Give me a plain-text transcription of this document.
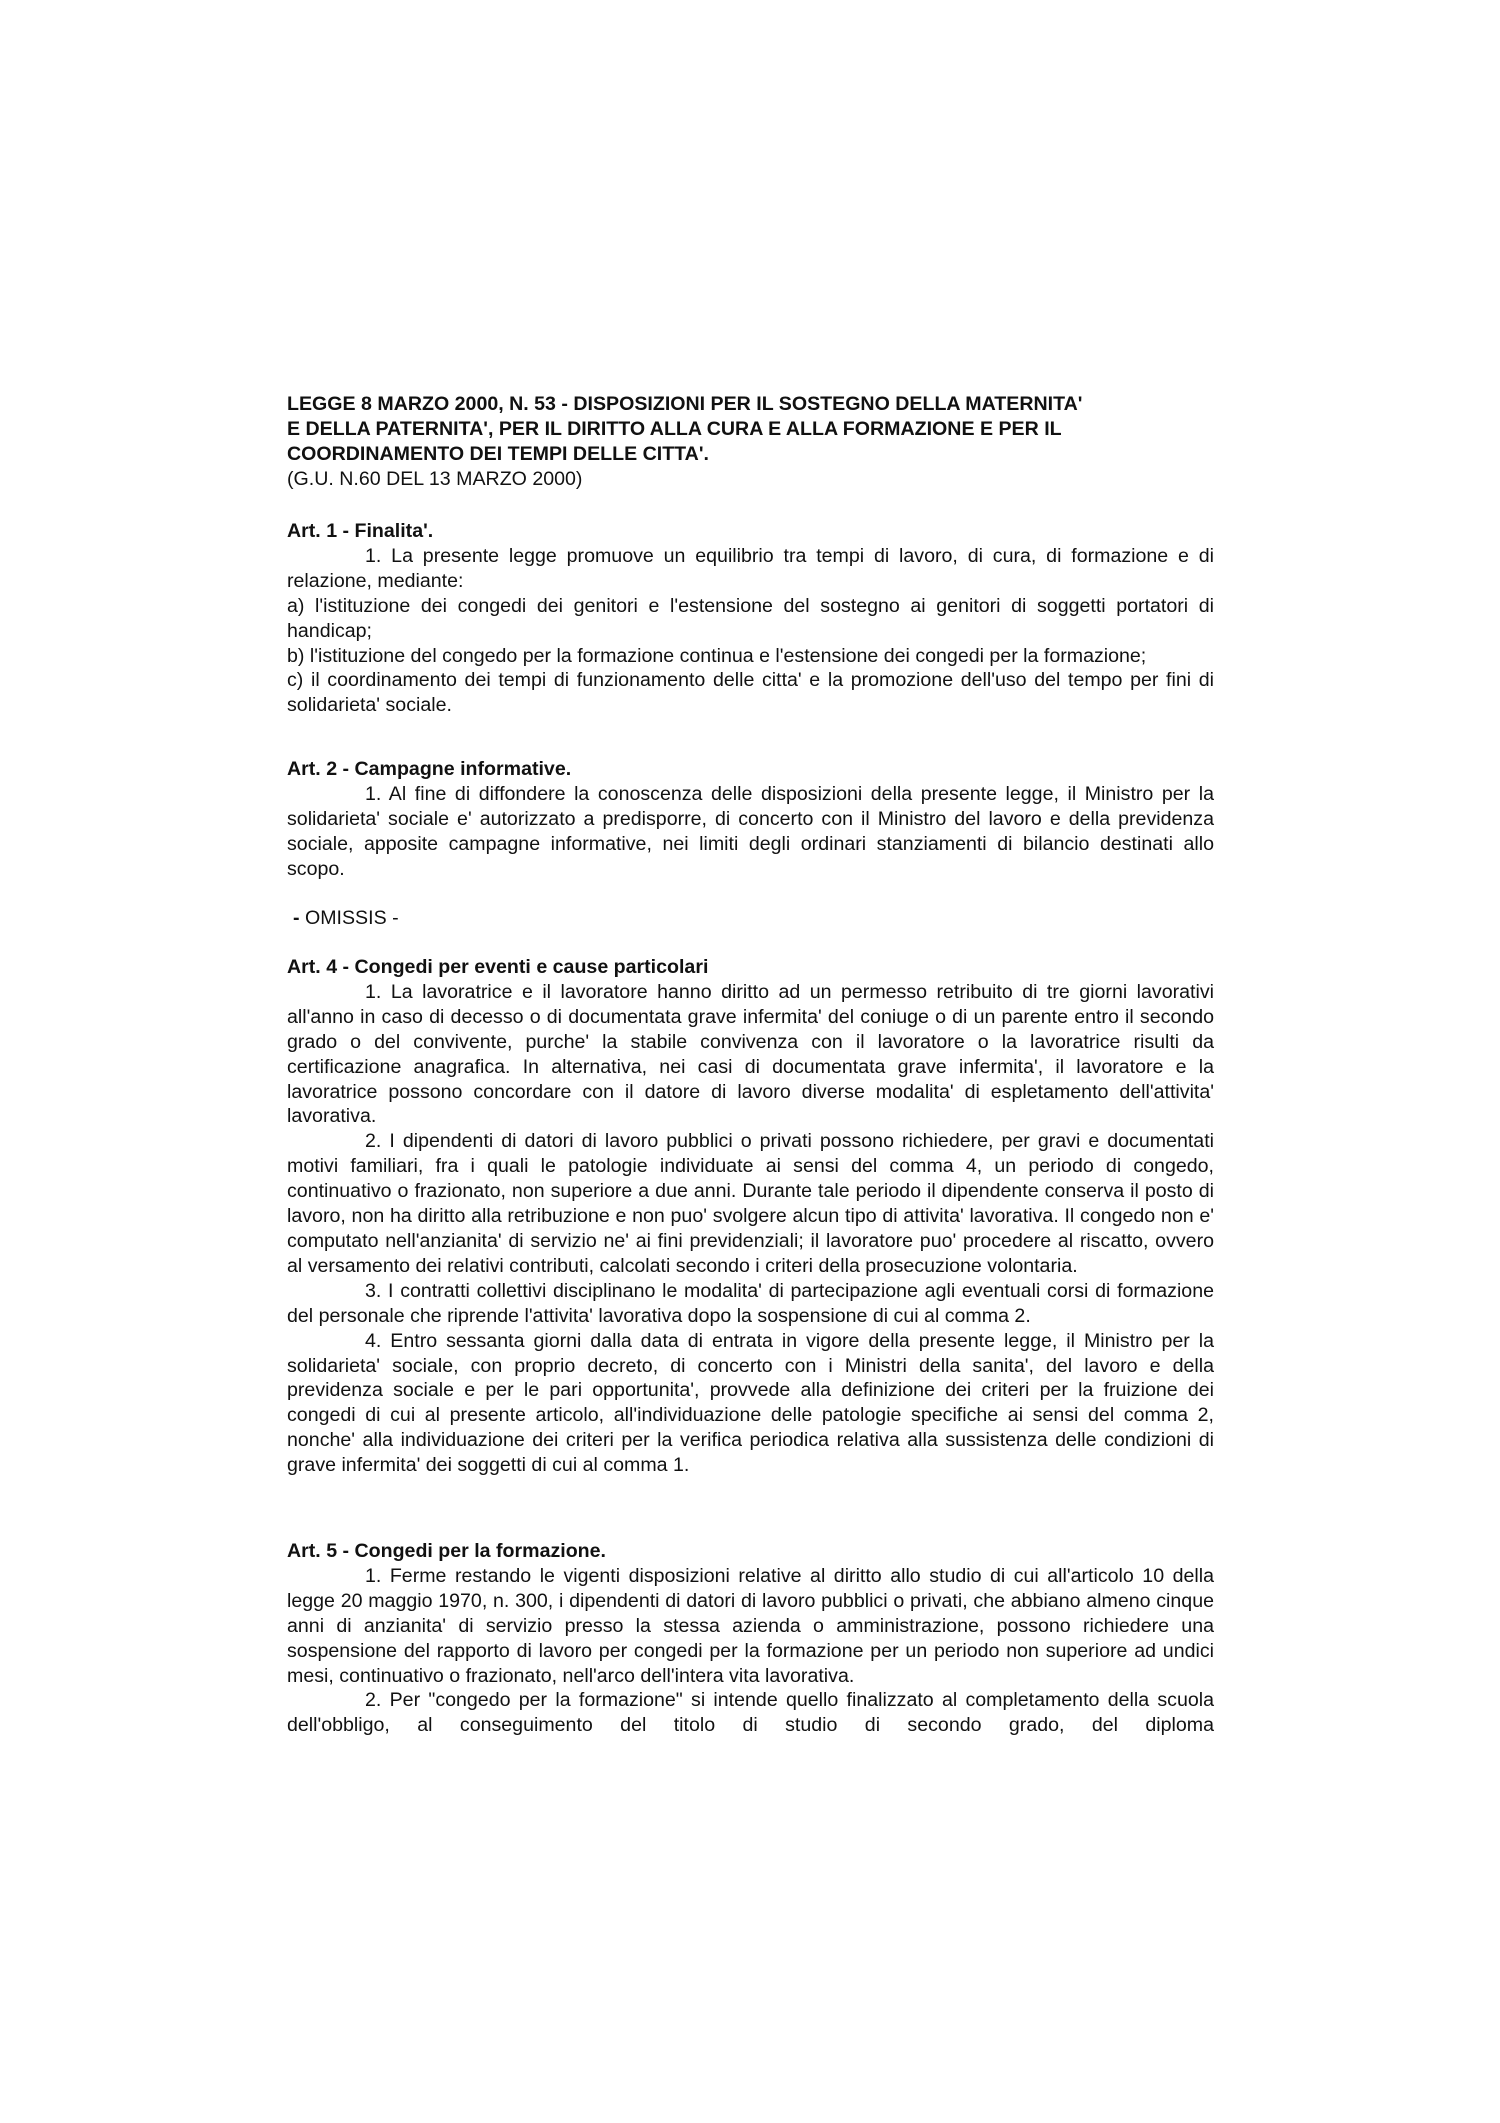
LEGGE 8 MARZO 2000, N. 53 - DISPOSIZIONI PER IL SOSTEGNO DELLA MATERNITA'
E DELLA PATERNITA', PER IL DIRITTO ALLA CURA E ALLA FORMAZIONE E PER IL
COORDINAMENTO DEI TEMPI DELLE CITTA'.
(G.U. N.60 DEL 13 MARZO 2000)
Art. 1 - Finalita'.

1. La presente legge promuove un equilibrio tra tempi di lavoro, di cura, di formazione e di relazione, mediante:

a) l'istituzione dei congedi dei genitori e l'estensione del sostegno ai genitori di soggetti portatori di handicap;

b) l'istituzione del congedo per la formazione continua e l'estensione dei congedi per la formazione;

c) il coordinamento dei tempi di funzionamento delle citta' e la promozione dell'uso del tempo per fini di solidarieta' sociale.

Art. 2 - Campagne informative.

1. Al fine di diffondere la conoscenza delle disposizioni della presente legge, il Ministro per la solidarieta' sociale e' autorizzato a predisporre, di concerto con il Ministro del lavoro e della previdenza sociale, apposite campagne informative, nei limiti degli ordinari stanziamenti di bilancio destinati allo scopo.

- OMISSIS -
Art. 4 - Congedi per eventi e cause particolari

1. La lavoratrice e il lavoratore hanno diritto ad un permesso retribuito di tre giorni lavorativi all'anno in caso di decesso o di documentata grave infermita' del coniuge o di un parente entro il secondo grado o del convivente, purche' la stabile convivenza con il lavoratore o la lavoratrice risulti da certificazione anagrafica. In alternativa, nei casi di documentata grave infermita', il lavoratore e la lavoratrice possono concordare con il datore di lavoro diverse modalita' di espletamento dell'attivita' lavorativa.

2. I dipendenti di datori di lavoro pubblici o privati possono richiedere, per gravi e documentati motivi familiari, fra i quali le patologie individuate ai sensi del comma 4, un periodo di congedo, continuativo o frazionato, non superiore a due anni. Durante tale periodo il dipendente conserva il posto di lavoro, non ha diritto alla retribuzione e non puo' svolgere alcun tipo di attivita' lavorativa. Il congedo non e' computato nell'anzianita' di servizio ne' ai fini previdenziali; il lavoratore puo' procedere al riscatto, ovvero al versamento dei relativi contributi, calcolati secondo i criteri della prosecuzione volontaria.

3. I contratti collettivi disciplinano le modalita' di partecipazione agli eventuali corsi di formazione del personale che riprende l'attivita' lavorativa dopo la sospensione di cui al comma 2.

4. Entro sessanta giorni dalla data di entrata in vigore della presente legge, il Ministro per la solidarieta' sociale, con proprio decreto, di concerto con i Ministri della sanita', del lavoro e della previdenza sociale e per le pari opportunita', provvede alla definizione dei criteri per la fruizione dei congedi di cui al presente articolo, all'individuazione delle patologie specifiche ai sensi del comma 2, nonche' alla individuazione dei criteri per la verifica periodica relativa alla sussistenza delle condizioni di grave infermita' dei soggetti di cui al comma 1.

Art. 5 - Congedi per la formazione.

1. Ferme restando le vigenti disposizioni relative al diritto allo studio di cui all'articolo 10 della legge 20 maggio 1970, n. 300, i dipendenti di datori di lavoro pubblici o privati, che abbiano almeno cinque anni di anzianita' di servizio presso la stessa azienda o amministrazione, possono richiedere una sospensione del rapporto di lavoro per congedi per la formazione per un periodo non superiore ad undici mesi, continuativo o frazionato, nell'arco dell'intera vita lavorativa.

2. Per "congedo per la formazione" si intende quello finalizzato al completamento della scuola dell'obbligo, al conseguimento del titolo di studio di secondo grado, del diploma
